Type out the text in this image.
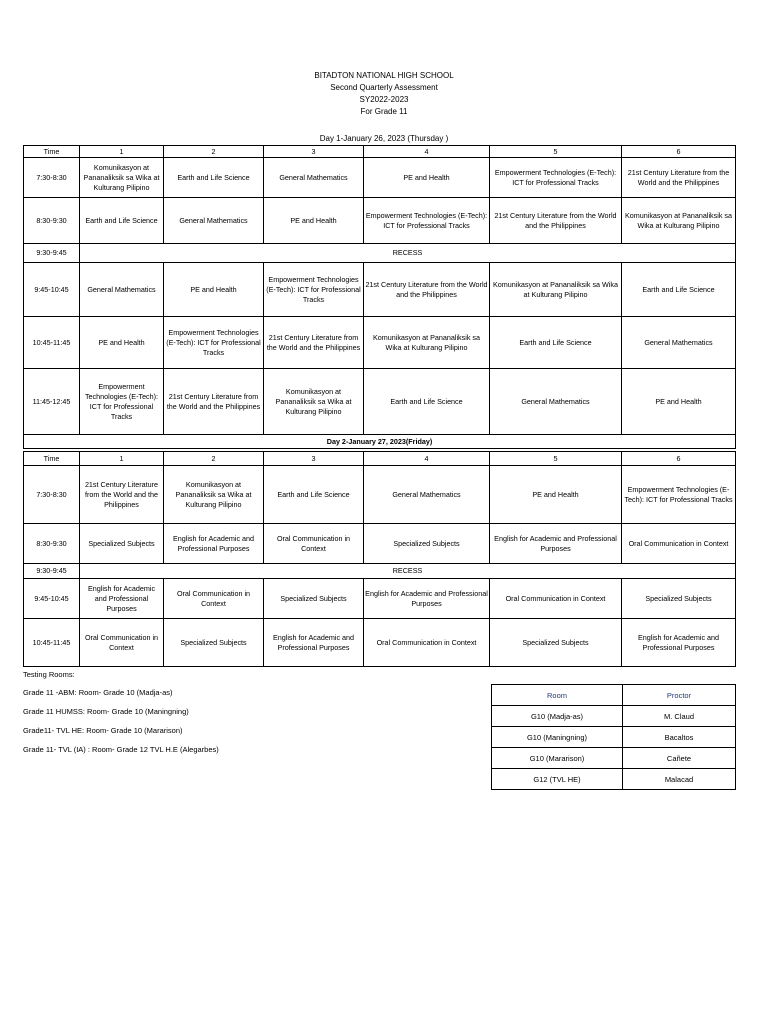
BITADTON NATIONAL HIGH SCHOOL
Second Quarterly Assessment
SY2022-2023
For Grade 11
Day 1-January 26, 2023 (Thursday )
Time	1	2	3	4	5	6
7:30-8:30	Komunikasyon at Pananaliksik sa Wika at Kulturang Pilipino	Earth and Life Science	General Mathematics	PE and Health	Empowerment Technologies (E-Tech): ICT for Professional Tracks	21st Century Literature from the World and the Philippines
8:30-9:30	Earth and Life Science	General Mathematics	PE and Health	Empowerment Technologies (E-Tech): ICT for Professional Tracks	21st Century Literature from the World and the Philippines	Komunikasyon at Pananaliksik sa Wika at Kulturang Pilipino
9:30-9:45	RECESS					
9:45-10:45	General Mathematics	PE and Health	Empowerment Technologies (E-Tech): ICT for Professional Tracks	21st Century Literature from the World and the Philippines	Komunikasyon at Pananaliksik sa Wika at Kulturang Pilipino	Earth and Life Science
10:45-11:45	PE and Health	Empowerment Technologies (E-Tech): ICT for Professional Tracks	21st Century Literature from the World and the Philippines	Komunikasyon at Pananaliksik sa Wika at Kulturang Pilipino	Earth and Life Science	General Mathematics
11:45-12:45	Empowerment Technologies (E-Tech): ICT for Professional Tracks	21st Century Literature from the World and the Philippines	Komunikasyon at Pananaliksik sa Wika at Kulturang Pilipino	Earth and Life Science	General Mathematics	PE and Health
Day 2-January 27, 2023(Friday)						
Time	1	2	3	4	5	6
7:30-8:30	21st Century Literature from the World and the Philippines	Komunikasyon at Pananaliksik sa Wika at Kulturang Pilipino	Earth and Life Science	General Mathematics	PE and Health	Empowerment Technologies (E-Tech): ICT for Professional Tracks
8:30-9:30	Specialized Subjects	English for Academic and Professional Purposes	Oral Communication in Context	Specialized Subjects	English for Academic and Professional Purposes	Oral Communication in Context
9:30-9:45	RECESS					
9:45-10:45	English for Academic and Professional Purposes	Oral Communication in Context	Specialized Subjects	English for Academic and Professional Purposes	Oral Communication in Context	Specialized Subjects
10:45-11:45	Oral Communication in Context	Specialized Subjects	English for Academic and Professional Purposes	Oral Communication in Context	Specialized Subjects	English for Academic and Professional Purposes
Testing Rooms:
Grade 11 -ABM: Room- Grade 10 (Madja-as)
Grade 11 HUMSS: Room- Grade 10 (Maningning)
Grade11- TVL HE: Room- Grade 10 (Mararison)
Grade 11- TVL (IA) : Room- Grade 12 TVL H.E (Alegarbes)
Room	Proctor
G10 (Madja-as)	M. Claud
G10 (Maningning)	Bacaltos
G10 (Mararison)	Cañete
G12 (TVL HE)	Malacad
